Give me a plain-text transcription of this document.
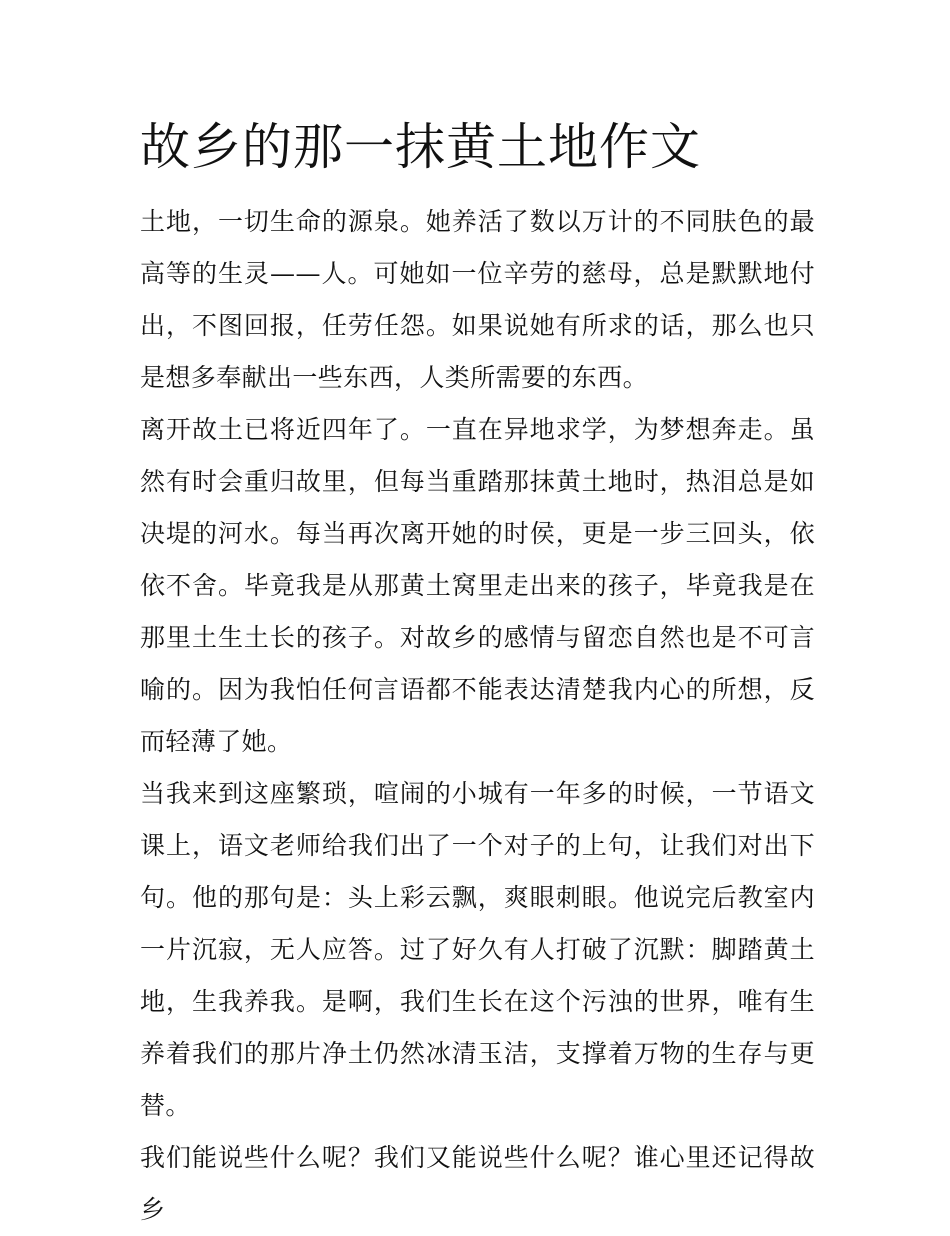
故乡的那一抹黄土地作文

土地，一切生命的源泉。她养活了数以万计的不同肤色的最高等的生灵——人。可她如一位辛劳的慈母，总是默默地付出，不图回报，任劳任怨。如果说她有所求的话，那么也只是想多奉献出一些东西，人类所需要的东西。

离开故土已将近四年了。一直在异地求学，为梦想奔走。虽然有时会重归故里，但每当重踏那抹黄土地时，热泪总是如决堤的河水。每当再次离开她的时侯，更是一步三回头，依依不舍。毕竟我是从那黄土窝里走出来的孩子，毕竟我是在那里土生土长的孩子。对故乡的感情与留恋自然也是不可言喻的。因为我怕任何言语都不能表达清楚我内心的所想，反而轻薄了她。

当我来到这座繁琐，喧闹的小城有一年多的时候，一节语文课上，语文老师给我们出了一个对子的上句，让我们对出下句。他的那句是：头上彩云飘，爽眼刺眼。他说完后教室内一片沉寂，无人应答。过了好久有人打破了沉默：脚踏黄土地，生我养我。是啊，我们生长在这个污浊的世界，唯有生养着我们的那片净土仍然冰清玉洁，支撑着万物的生存与更替。

我们能说些什么呢？我们又能说些什么呢？谁心里还记得故乡
